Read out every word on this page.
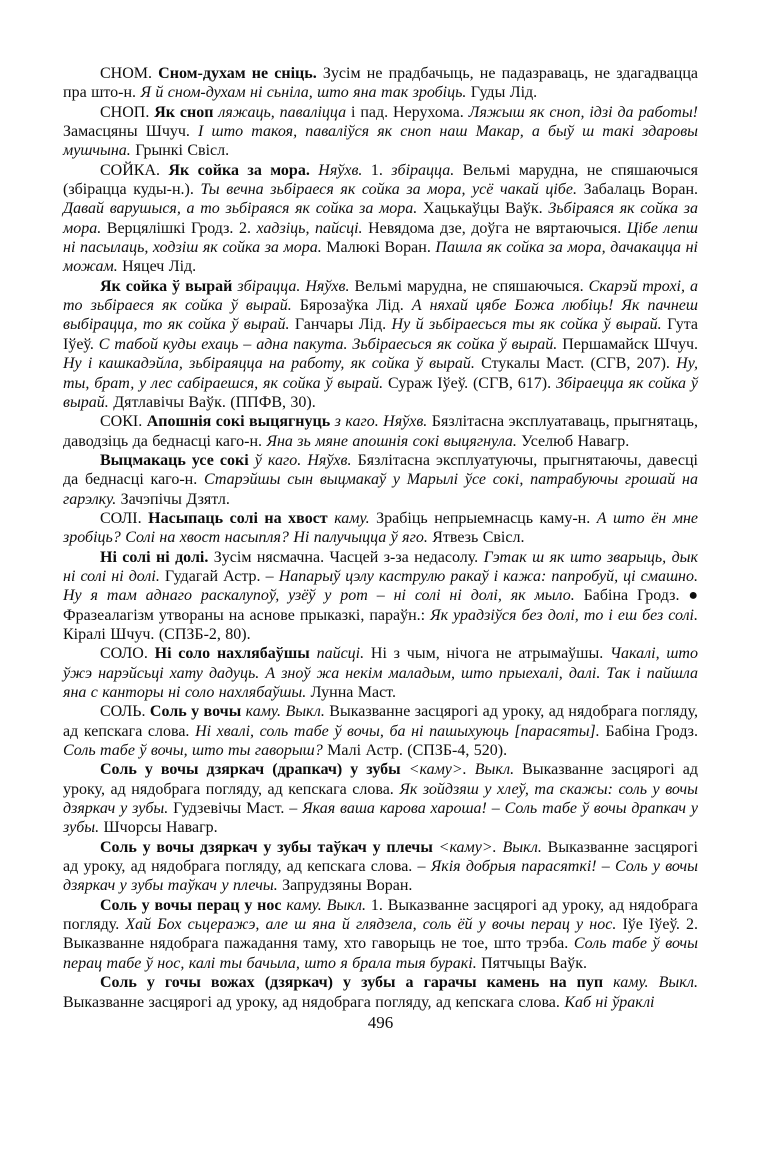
СНОМ. Сном-духам не сніць. Зусім не прадбачыць, не падазраваць, не здагадвацца пра што-н. Я й сном-духам ні сьніла, што яна так зробіць. Гуды Лід.

СНОП. Як сноп ляжаць, паваліцца і пад. Нерухома. Ляжыш як сноп, ідзі да работы! Замасцяны Шчуч. І што такоя, паваліўся як сноп наш Макар, а быў ш такі здаровы мушчына. Грынкі Свісл.

СОЙКА. Як сойка за мора. Няўхв. 1. збірацца. Вельмі марудна, не спяшаючыся (збірацца куды-н.). Ты вечна зьбіраеся як сойка за мора, усё чакай цібе. Забалаць Воран. Давай варушыся, а то зьбіраяся як сойка за мора. Хацькаўцы Ваўк. Зьбіраяся як сойка за мора. Верцялішкі Гродз. 2. хадзіць, пайсці. Невядома дзе, доўга не вяртаючыся. Цібе лепш ні пасылаць, ходзіш як сойка за мора. Малюкі Воран. Пашла як сойка за мора, дачакацца ні можам. Няцеч Лід.

Як сойка ў вырай збірацца. Няўхв. Вельмі марудна, не спяшаючыся. Скарэй трохі, а то зьбіраеся як сойка ў вырай. Бярозаўка Лід. А няхай цябе Божа любіць! Як пачнеш выбірацца, то як сойка ў вырай. Ганчары Лід. Ну й зьбіраесься ты як сойка ў вырай. Гута Іўеў. С табой куды ехаць – адна пакута. Зьбіраесься як сойка ў вырай. Першамайск Шчуч. Ну і кашкадэйла, зьбіраяцца на работу, як сойка ў вырай. Стукалы Маст. (СГВ, 207). Ну, ты, брат, у лес сабіраешся, як сойка ў вырай. Сураж Іўеў. (СГВ, 617). Збіраецца як сойка ў вырай. Дятлавічы Ваўк. (ППФВ, 30).

СОКІ. Апошнія сокі выцягнуць з каго. Няўхв. Бязлітасна эксплуатаваць, прыгнятаць, даводзіць да беднасці каго-н. Яна зь мяне апошнія сокі выцягнула. Уселюб Навагр.

Выцмакаць усе сокі ў каго. Няўхв. Бязлітасна эксплуатуючы, прыгнятаючы, давесці да беднасці каго-н. Старэйшы сын выцмакаў у Марылі ўсе сокі, патрабуючы грошай на гарэлку. Зачэпічы Дзятл.

СОЛІ. Насыпаць солі на хвост каму. Зрабіць непрыемнасць каму-н. А што ён мне зробіць? Солі на хвост насыпля? Ні палучыцца ў яго. Ятвезь Свісл.

Ні солі ні долі. Зусім нясмачна. Часцей з-за недасолу. Гэтак ш як што зварыць, дык ні солі ні долі. Гудагай Астр. – Напарыў цэлу каструлю ракаў і кажа: папробуй, ці смашно. Ну я там аднаго раскалупоў, узёў у рот – ні солі ні долі, як мыло. Бабіна Гродз. ● Фразеалагізм утвораны на аснове прыказкі, параўн.: Як урадзіўся без долі, то і еш без солі. Кіралі Шчуч. (СПЗБ-2, 80).

СОЛО. Ні соло нахлябаўшы пайсці. Ні з чым, нічога не атрымаўшы. Чакалі, што ўжэ нарэйсьці хату дадуць. А зноў жа некім маладым, што прыехалі, далі. Так і пайшла яна с канторы ні соло нахлябаўшы. Лунна Маст.

СОЛЬ. Соль у вочы каму. Выкл. Выказванне засцярогі ад уроку, ад нядобрага погляду, ад кепскага слова. Ні хвалі, соль табе ў вочы, ба ні пашыхуюць [парасяты]. Бабіна Гродз. Соль табе ў вочы, што ты гаворыш? Малі Астр. (СПЗБ-4, 520).

Соль у вочы дзяркач (драпкач) у зубы <каму>. Выкл. Выказванне засцярогі ад уроку, ад нядобрага погляду, ад кепскага слова. Як зойдзяш у хлеў, та скажы: соль у вочы дзяркач у зубы. Гудзевічы Маст. – Якая ваша карова хароша! – Соль табе ў вочы драпкач у зубы. Шчорсы Навагр.

Соль у вочы дзяркач у зубы таўкач у плечы <каму>. Выкл. Выказванне засцярогі ад уроку, ад нядобрага погляду, ад кепскага слова. – Якія добрыя парасяткі! – Соль у вочы дзяркач у зубы таўкач у плечы. Запрудзяны Воран.

Соль у вочы перац у нос каму. Выкл. 1. Выказванне засцярогі ад уроку, ад нядобрага погляду. Хай Бох сьцеражэ, але ш яна й глядзела, соль ёй у вочы перац у нос. Іўе Іўеў. 2. Выказванне нядобрага пажадання таму, хто гаворыць не тое, што трэба. Соль табе ў вочы перац табе ў нос, калі ты бачыла, што я брала тыя буракі. Пятчыцы Ваўк.

Соль у гочы вожах (дзяркач) у зубы а гарачы камень на пуп каму. Выкл. Выказванне засцярогі ад уроку, ад нядобрага погляду, ад кепскага слова. Каб ні ўраклі

496
